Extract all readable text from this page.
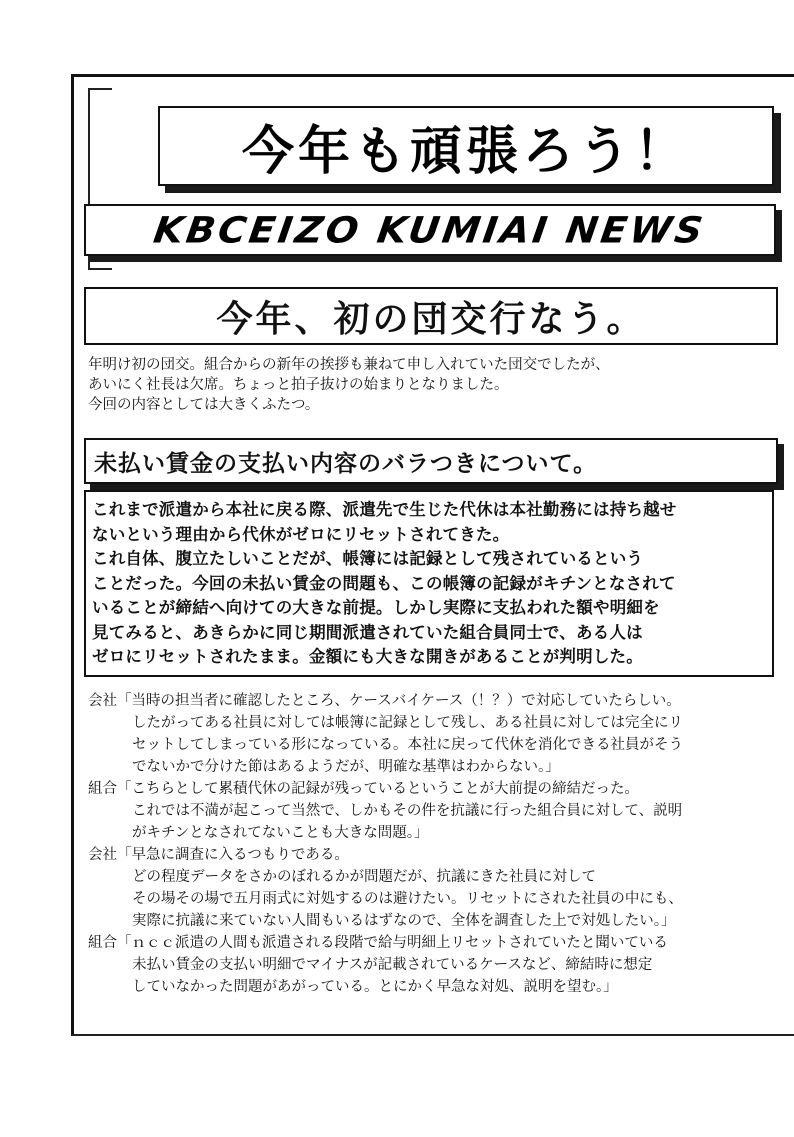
今年も頑張ろう！
KBCEIZO KUMIAI NEWS
今年、初の団交行なう。
年明け初の団交。組合からの新年の挨拶も兼ねて申し入れていた団交でしたが、
あいにく社長は欠席。ちょっと拍子抜けの始まりとなりました。
今回の内容としては大きくふたつ。
未払い賃金の支払い内容のバラつきについて。
これまで派遣から本社に戻る際、派遣先で生じた代休は本社勤務には持ち越せ
ないという理由から代休がゼロにリセットされてきた。
これ自体、腹立たしいことだが、帳簿には記録として残されているという
ことだった。今回の未払い賃金の問題も、この帳簿の記録がキチンとなされて
いることが締結へ向けての大きな前提。しかし実際に支払われた額や明細を
見てみると、あきらかに同じ期間派遣されていた組合員同士で、ある人は
ゼロにリセットされたまま。金額にも大きな開きがあることが判明した。
会社「当時の担当者に確認したところ、ケースバイケース（！？）で対応していたらしい。
したがってある社員に対しては帳簿に記録として残し、ある社員に対しては完全にリ
セットしてしまっている形になっている。本社に戻って代休を消化できる社員がそう
でないかで分けた節はあるようだが、明確な基準はわからない。」
組合「こちらとして累積代休の記録が残っているということが大前提の締結だった。
これでは不満が起こって当然で、しかもその件を抗議に行った組合員に対して、説明
がキチンとなされてないことも大きな問題。」
会社「早急に調査に入るつもりである。
どの程度データをさかのぼれるかが問題だが、抗議にきた社員に対して
その場その場で五月雨式に対処するのは避けたい。リセットにされた社員の中にも、
実際に抗議に来ていない人間もいるはずなので、全体を調査した上で対処したい。」
組合「ｎｃｃ派遣の人間も派遣される段階で給与明細上リセットされていたと聞いている
未払い賃金の支払い明細でマイナスが記載されているケースなど、締結時に想定
していなかった問題があがっている。とにかく早急な対処、説明を望む。」
